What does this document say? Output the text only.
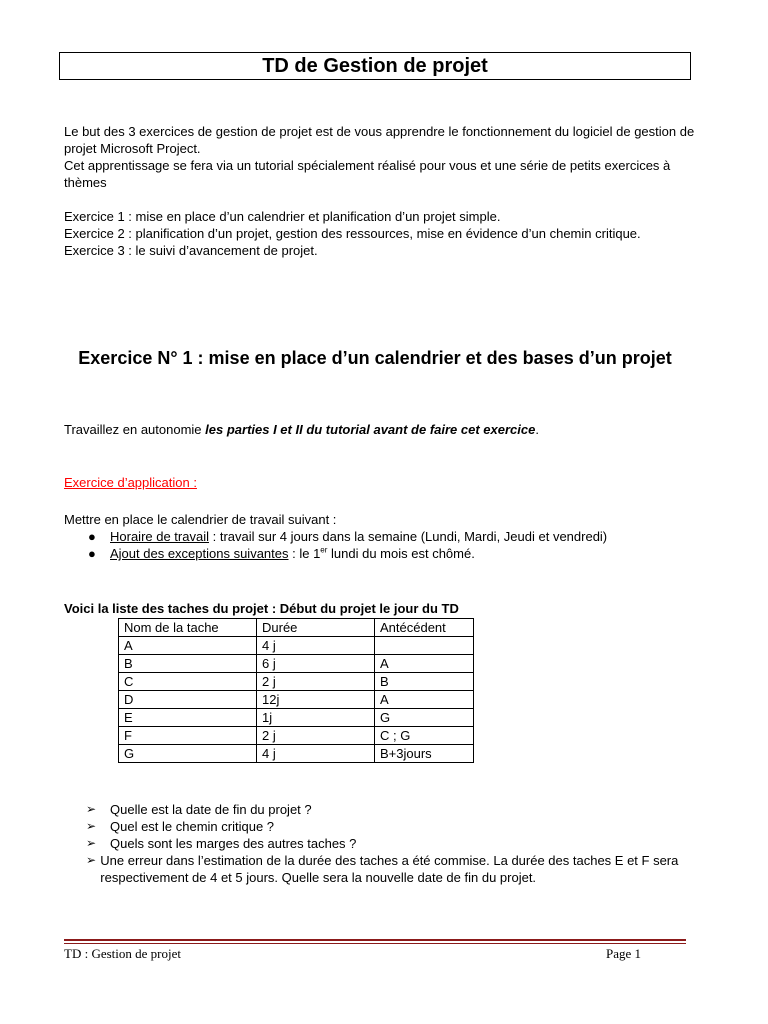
TD de Gestion de projet

Le but des 3 exercices de gestion de projet est de vous apprendre le fonctionnement du logiciel de gestion de projet Microsoft Project.

Cet apprentissage se fera via un tutorial spécialement réalisé pour vous et une série de petits exercices à thèmes

Exercice 1 : mise en place d’un calendrier et planification d’un projet simple.

Exercice 2 : planification d’un projet, gestion des ressources, mise en évidence d’un chemin critique.

Exercice 3 : le suivi d’avancement de projet.

Exercice N° 1 : mise en place d’un calendrier et des bases d’un projet

Travaillez en autonomie les parties I et II du tutorial avant de faire cet exercice.

Exercice d’application :

Mettre en place le calendrier de travail suivant :

●	Horaire de travail : travail sur 4 jours dans la semaine (Lundi, Mardi, Jeudi et vendredi)

●	Ajout des exceptions suivantes : le 1er lundi du mois est chômé.

Voici la liste des taches du projet : Début du projet le jour du TD

Nom de la tache	Durée	Antécédent
A	4 j	
B	6 j	A
C	2 j	B
D	12j	A
E	1j	G
F	2 j	C ; G
G	4 j	B+3jours
➢	Quelle est la date de fin du projet ?

➢	Quel est le chemin critique ?

➢	Quels sont les marges des autres taches ?

➢ Une erreur dans l’estimation de la durée des taches a été commise. La durée des taches E et F sera respectivement de 4 et 5 jours. Quelle sera la nouvelle date de fin du projet.

TD : Gestion de projet	Page 1
